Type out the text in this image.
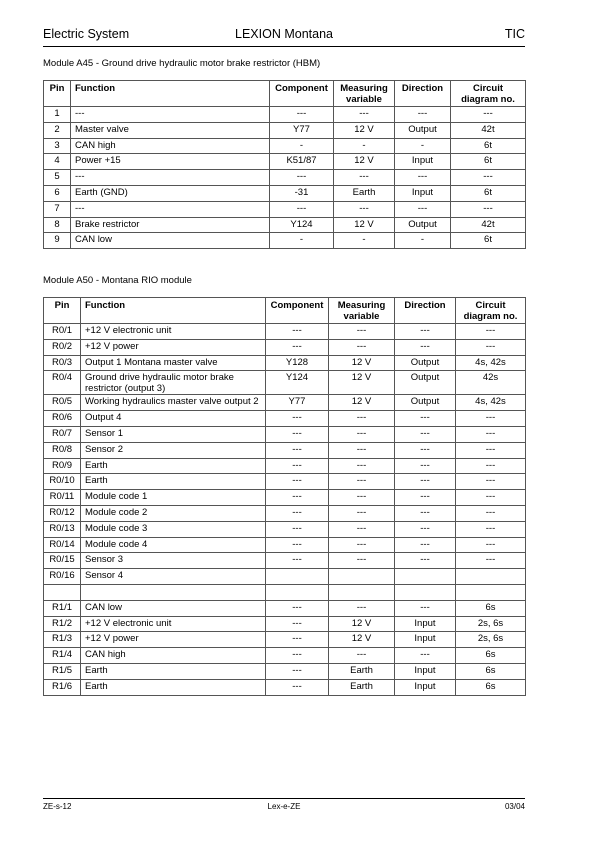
Electric System	LEXION Montana	TIC
Module A45 - Ground drive hydraulic motor brake restrictor (HBM)
Pin	Function	Component	Measuring variable	Direction	Circuit diagram no.
1	---	---	---	---	---
2	Master valve	Y77	12 V	Output	42t
3	CAN high	-	-	-	6t
4	Power +15	K51/87	12 V	Input	6t
5	---	---	---	---	---
6	Earth (GND)	-31	Earth	Input	6t
7	---	---	---	---	---
8	Brake restrictor	Y124	12 V	Output	42t
9	CAN low	-	-	-	6t
Module A50 - Montana RIO module
Pin	Function	Component	Measuring variable	Direction	Circuit diagram no.
R0/1	+12 V electronic unit	---	---	---	---
R0/2	+12 V power	---	---	---	---
R0/3	Output 1 Montana master valve	Y128	12 V	Output	4s, 42s
R0/4	Ground drive hydraulic motor brake restrictor (output 3)	Y124	12 V	Output	42s
R0/5	Working hydraulics master valve output 2	Y77	12 V	Output	4s, 42s
R0/6	Output 4	---	---	---	---
R0/7	Sensor 1	---	---	---	---
R0/8	Sensor 2	---	---	---	---
R0/9	Earth	---	---	---	---
R0/10	Earth	---	---	---	---
R0/11	Module code 1	---	---	---	---
R0/12	Module code 2	---	---	---	---
R0/13	Module code 3	---	---	---	---
R0/14	Module code 4	---	---	---	---
R0/15	Sensor 3	---	---	---	---
R0/16	Sensor 4				

R1/1	CAN low	---	---	---	6s
R1/2	+12 V electronic unit	---	12 V	Input	2s, 6s
R1/3	+12 V power	---	12 V	Input	2s, 6s
R1/4	CAN high	---	---	---	6s
R1/5	Earth	---	Earth	Input	6s
R1/6	Earth	---	Earth	Input	6s
ZE-s-12	Lex-e-ZE	03/04
